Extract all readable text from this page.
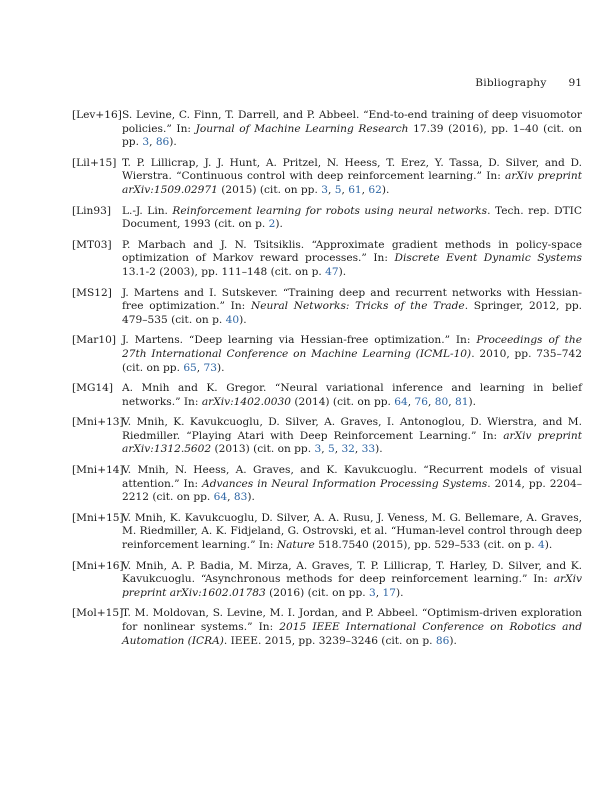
Bibliography 91
[Lev+16] S. Levine, C. Finn, T. Darrell, and P. Abbeel. “End-to-end training of deep visuomotor policies.” In: Journal of Machine Learning Research 17.39 (2016), pp. 1–40 (cit. on pp. 3, 86).
[Lil+15] T. P. Lillicrap, J. J. Hunt, A. Pritzel, N. Heess, T. Erez, Y. Tassa, D. Silver, and D. Wierstra. “Continuous control with deep reinforcement learning.” In: arXiv preprint arXiv:1509.02971 (2015) (cit. on pp. 3, 5, 61, 62).
[Lin93]	L.-J. Lin. Reinforcement learning for robots using neural networks. Tech. rep. DTIC Document, 1993 (cit. on p. 2).
[MT03] P. Marbach and J. N. Tsitsiklis. “Approximate gradient methods in policy-space optimization of Markov reward processes.” In: Discrete Event Dynamic Systems 13.1-2 (2003), pp. 111–148 (cit. on p. 47).
[MS12] J. Martens and I. Sutskever. “Training deep and recurrent networks with Hessian-free optimization.” In: Neural Networks: Tricks of the Trade. Springer, 2012, pp. 479–535 (cit. on p. 40).
[Mar10] J. Martens. “Deep learning via Hessian-free optimization.” In: Proceedings of the 27th International Conference on Machine Learning (ICML-10). 2010, pp. 735–742 (cit. on pp. 65, 73).
[MG14] A. Mnih and K. Gregor. “Neural variational inference and learning in belief networks.” In: arXiv:1402.0030 (2014) (cit. on pp. 64, 76, 80, 81).
[Mni+13]
V. Mnih, K. Kavukcuoglu, D. Silver, A. Graves, I. Antonoglou, D. Wierstra, and M. Riedmiller. “Playing Atari with Deep Reinforcement Learning.” In: arXiv preprint arXiv:1312.5602 (2013) (cit. on pp. 3, 5, 32, 33).
[Mni+14]
V. Mnih, N. Heess, A. Graves, and K. Kavukcuoglu. “Recurrent models of visual attention.” In: Advances in Neural Information Processing Systems. 2014, pp. 2204–2212 (cit. on pp. 64, 83).
[Mni+15]
V. Mnih, K. Kavukcuoglu, D. Silver, A. A. Rusu, J. Veness, M. G. Bellemare, A. Graves, M. Riedmiller, A. K. Fidjeland, G. Ostrovski, et al. “Human-level control through deep reinforcement learning.” In: Nature 518.7540 (2015), pp. 529–533 (cit. on p. 4).
[Mni+16]
V. Mnih, A. P. Badia, M. Mirza, A. Graves, T. P. Lillicrap, T. Harley, D. Silver, and K. Kavukcuoglu. “Asynchronous methods for deep reinforcement learning.” In: arXiv preprint arXiv:1602.01783 (2016) (cit. on pp. 3, 17).
[Mol+15]
T. M. Moldovan, S. Levine, M. I. Jordan, and P. Abbeel. “Optimism-driven exploration for nonlinear systems.” In: 2015 IEEE International Conference on Robotics and Automation (ICRA). IEEE. 2015, pp. 3239–3246 (cit. on p. 86).
